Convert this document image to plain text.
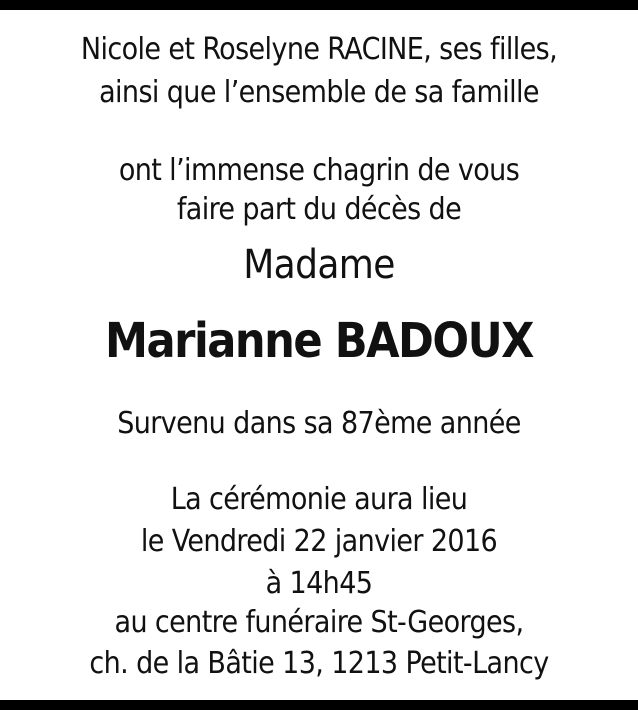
Nicole et Roselyne RACINE, ses filles,
ainsi que l’ensemble de sa famille
ont l’immense chagrin de vous
faire part du décès de
Madame
Marianne BADOUX
Survenu dans sa 87ème année
La cérémonie aura lieu
le Vendredi 22 janvier 2016
à 14h45
au centre funéraire St-Georges,
ch. de la Bâtie 13, 1213 Petit-Lancy
